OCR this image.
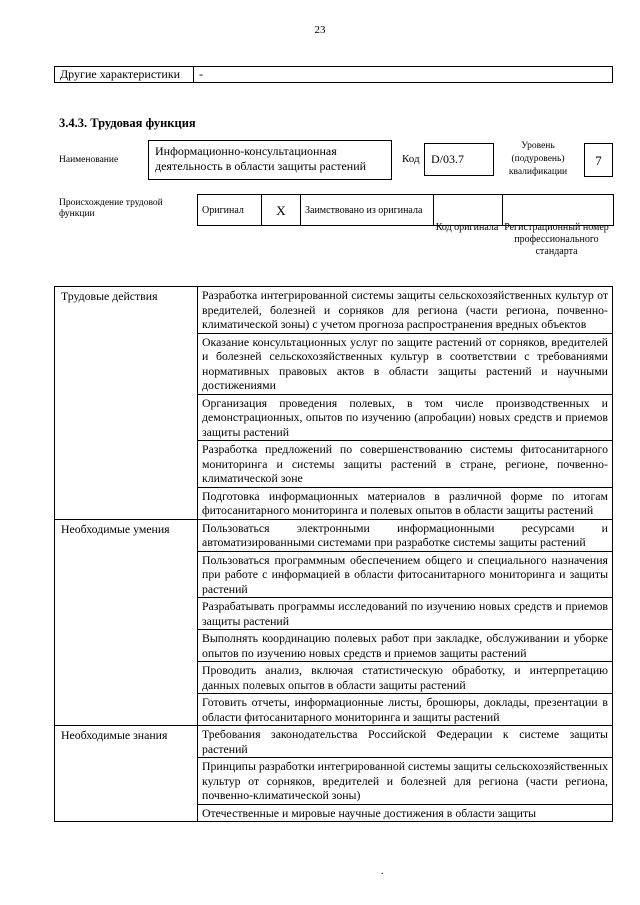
23
Другие характеристики	-
3.4.3. Трудовая функция
Наименование
Информационно-консультационная деятельность в области защиты растений	Код D/03.7
Уровень (подуровень) квалификации
7
Происхождение трудовой функции	Оригинал	X	Заимствовано из оригинала		
Код оригинала Регистрационный номер профессионального стандарта
Трудовые действия	Разработка интегрированной системы защиты сельскохозяйственных культур от вредителей, болезней и сорняков для региона (части региона, почвенно-климатической зоны) с учетом прогноза распространения вредных объектов
	Оказание консультационных услуг по защите растений от сорняков, вредителей и болезней сельскохозяйственных культур в соответствии с требованиями нормативных правовых актов в области защиты растений и научными достижениями
	Организация проведения полевых, в том числе производственных и демонстрационных, опытов по изучению (апробации) новых средств и приемов защиты растений
	Разработка предложений по совершенствованию системы фитосанитарного мониторинга и системы защиты растений в стране, регионе, почвенно-климатической зоне
	Подготовка информационных материалов в различной форме по итогам фитосанитарного мониторинга и полевых опытов в области защиты растений
Необходимые умения	Пользоваться электронными информационными ресурсами и автоматизированными системами при разработке системы защиты растений
	Пользоваться программным обеспечением общего и специального назначения при работе с информацией в области фитосанитарного мониторинга и защиты растений
	Разрабатывать программы исследований по изучению новых средств и приемов защиты растений
	Выполнять координацию полевых работ при закладке, обслуживании и уборке опытов по изучению новых средств и приемов защиты растений
	Проводить анализ, включая статистическую обработку, и интерпретацию данных полевых опытов в области защиты растений
	Готовить отчеты, информационные листы, брошюры, доклады, презентации в области фитосанитарного мониторинга и защиты растений
Необходимые знания	Требования законодательства Российской Федерации к системе защиты растений
	Принципы разработки интегрированной системы защиты сельскохозяйственных культур от сорняков, вредителей и болезней для региона (части региона, почвенно-климатической зоны)
	Отечественные и мировые научные достижения в области защиты
.
